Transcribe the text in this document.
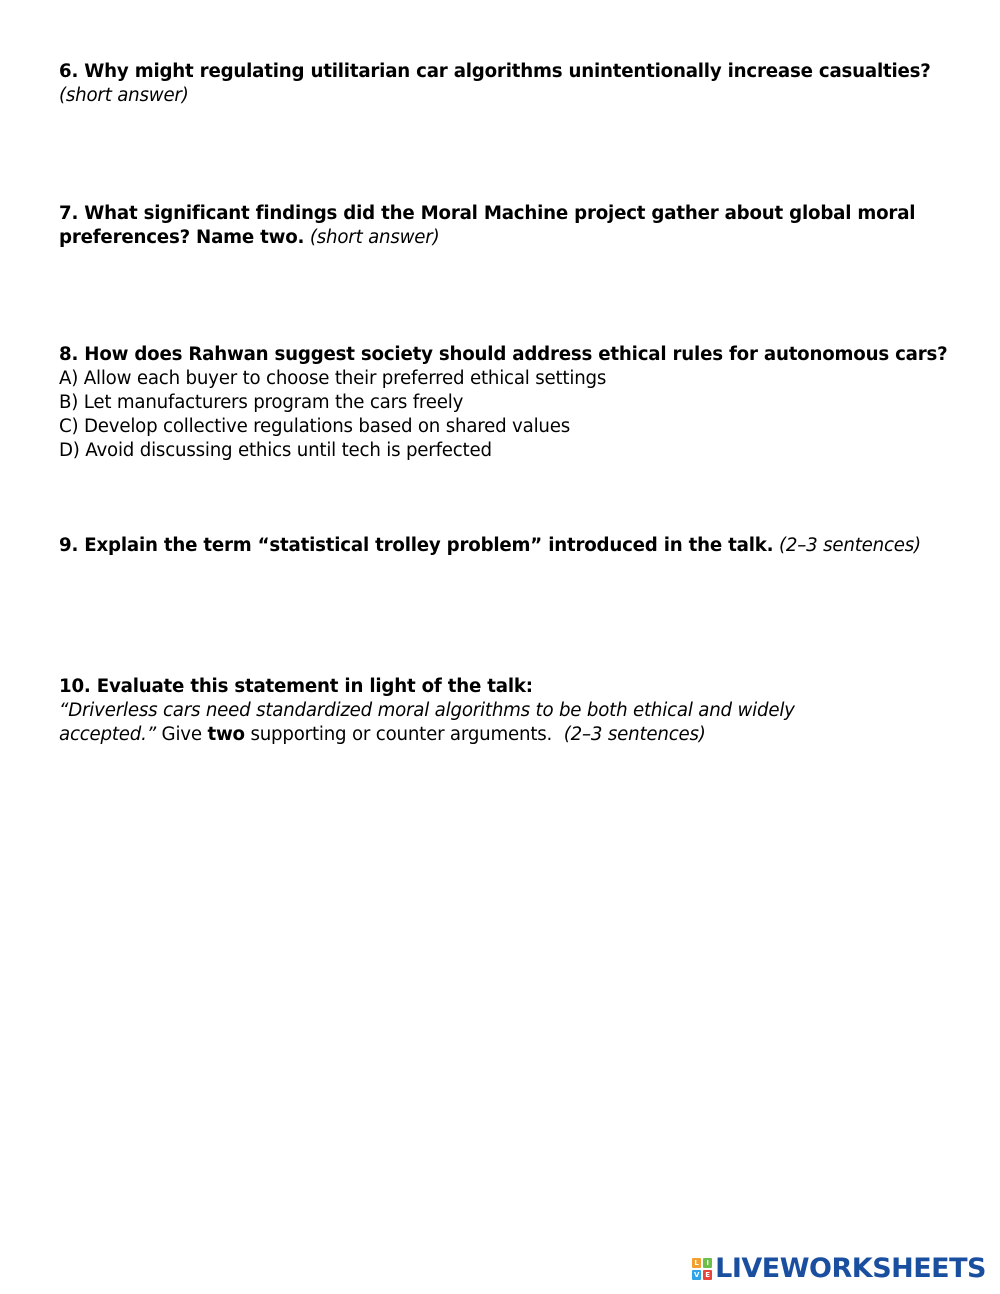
6. Why might regulating utilitarian car algorithms unintentionally increase casualties?
(short answer)
7. What significant findings did the Moral Machine project gather about global moral
preferences? Name two. (short answer)
8. How does Rahwan suggest society should address ethical rules for autonomous cars?
A) Allow each buyer to choose their preferred ethical settings
B) Let manufacturers program the cars freely
C) Develop collective regulations based on shared values
D) Avoid discussing ethics until tech is perfected
9. Explain the term “statistical trolley problem” introduced in the talk. (2–3 sentences)
10. Evaluate this statement in light of the talk:
“Driverless cars need standardized moral algorithms to be both ethical and widely
accepted.” Give two supporting or counter arguments. (2–3 sentences)
L	I
V E LIVEWORKSHEETS
